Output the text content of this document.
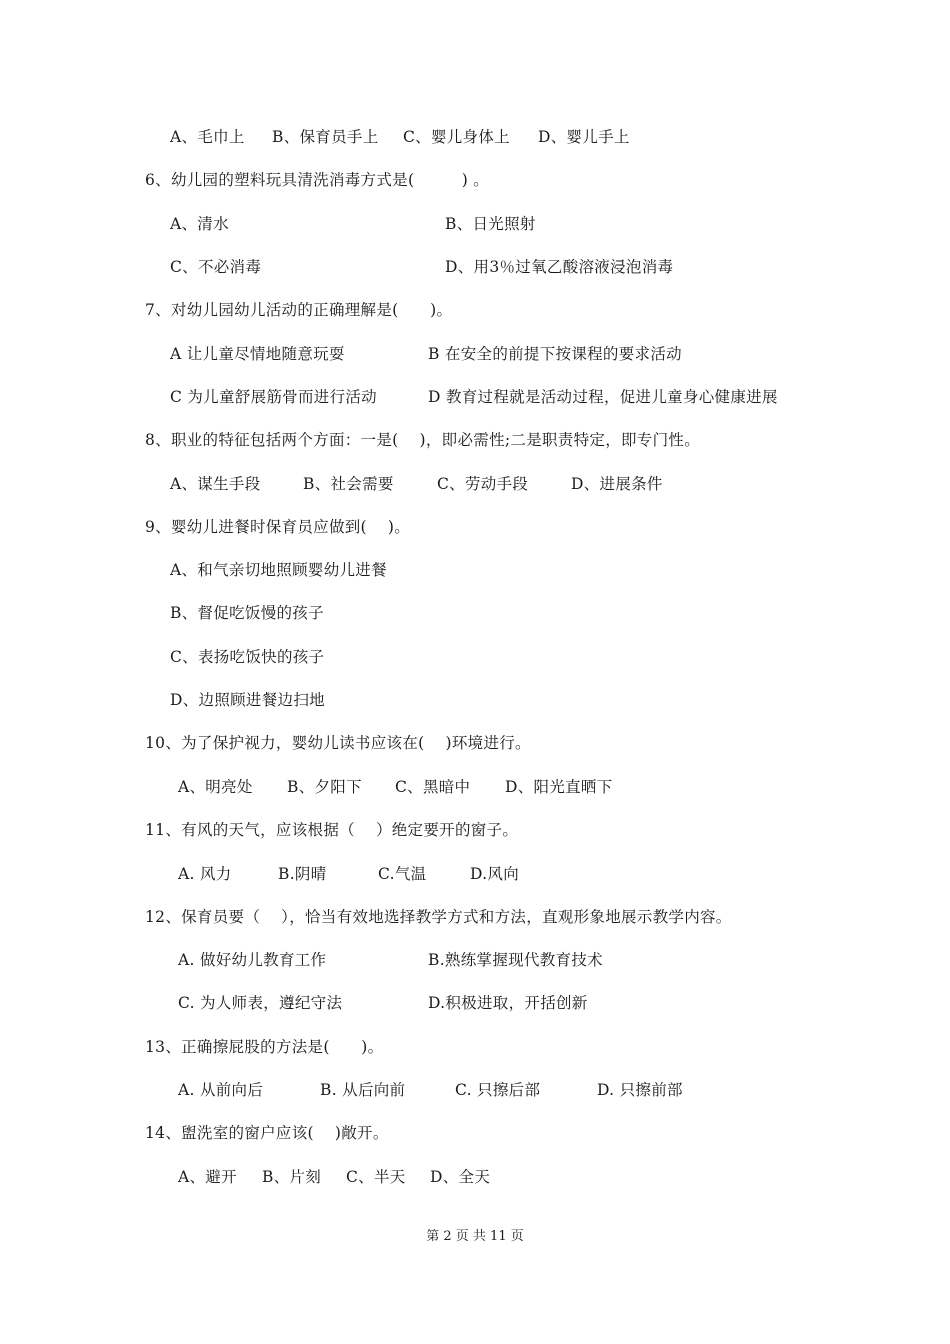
A、毛巾上 B、保育员手上 C、婴儿身体上 D、婴儿手上
6、幼儿园的塑料玩具清洗消毒方式是(　　　) 。
A、清水	B、日光照射
C、不必消毒	D、用3％过氧乙酸溶液浸泡消毒
7、对幼儿园幼儿活动的正确理解是(　　)。
A 让儿童尽情地随意玩耍	B 在安全的前提下按课程的要求活动
C 为儿童舒展筋骨而进行活动	D 教育过程就是活动过程，促进儿童身心健康进展
8、职业的特征包括两个方面：一是(　 )，即必需性;二是职责特定，即专门性。
A、谋生手段	B、社会需要	C、劳动手段	D、进展条件
9、婴幼儿进餐时保育员应做到(　 )。
A、和气亲切地照顾婴幼儿进餐
B、督促吃饭慢的孩子
C、表扬吃饭快的孩子
D、边照顾进餐边扫地
10、为了保护视力，婴幼儿读书应该在(　 )环境进行。
A、明亮处 B、夕阳下 C、黑暗中 D、阳光直晒下
11、有风的天气，应该根据（　 ）绝定要开的窗子。
A. 风力	B.阴晴	C.气温	D.风向
12、保育员要（　 ），恰当有效地选择教学方式和方法，直观形象地展示教学内容。
A. 做好幼儿教育工作	B.熟练掌握现代教育技术
C. 为人师表，遵纪守法	D.积极进取，开括创新
13、正确擦屁股的方法是(　　)。
A. 从前向后	B. 从后向前	C. 只擦后部	D. 只擦前部
14、盥洗室的窗户应该(　 )敞开。
A、避开 B、片刻 C、半天 D、全天
第 2 页 共 11 页
